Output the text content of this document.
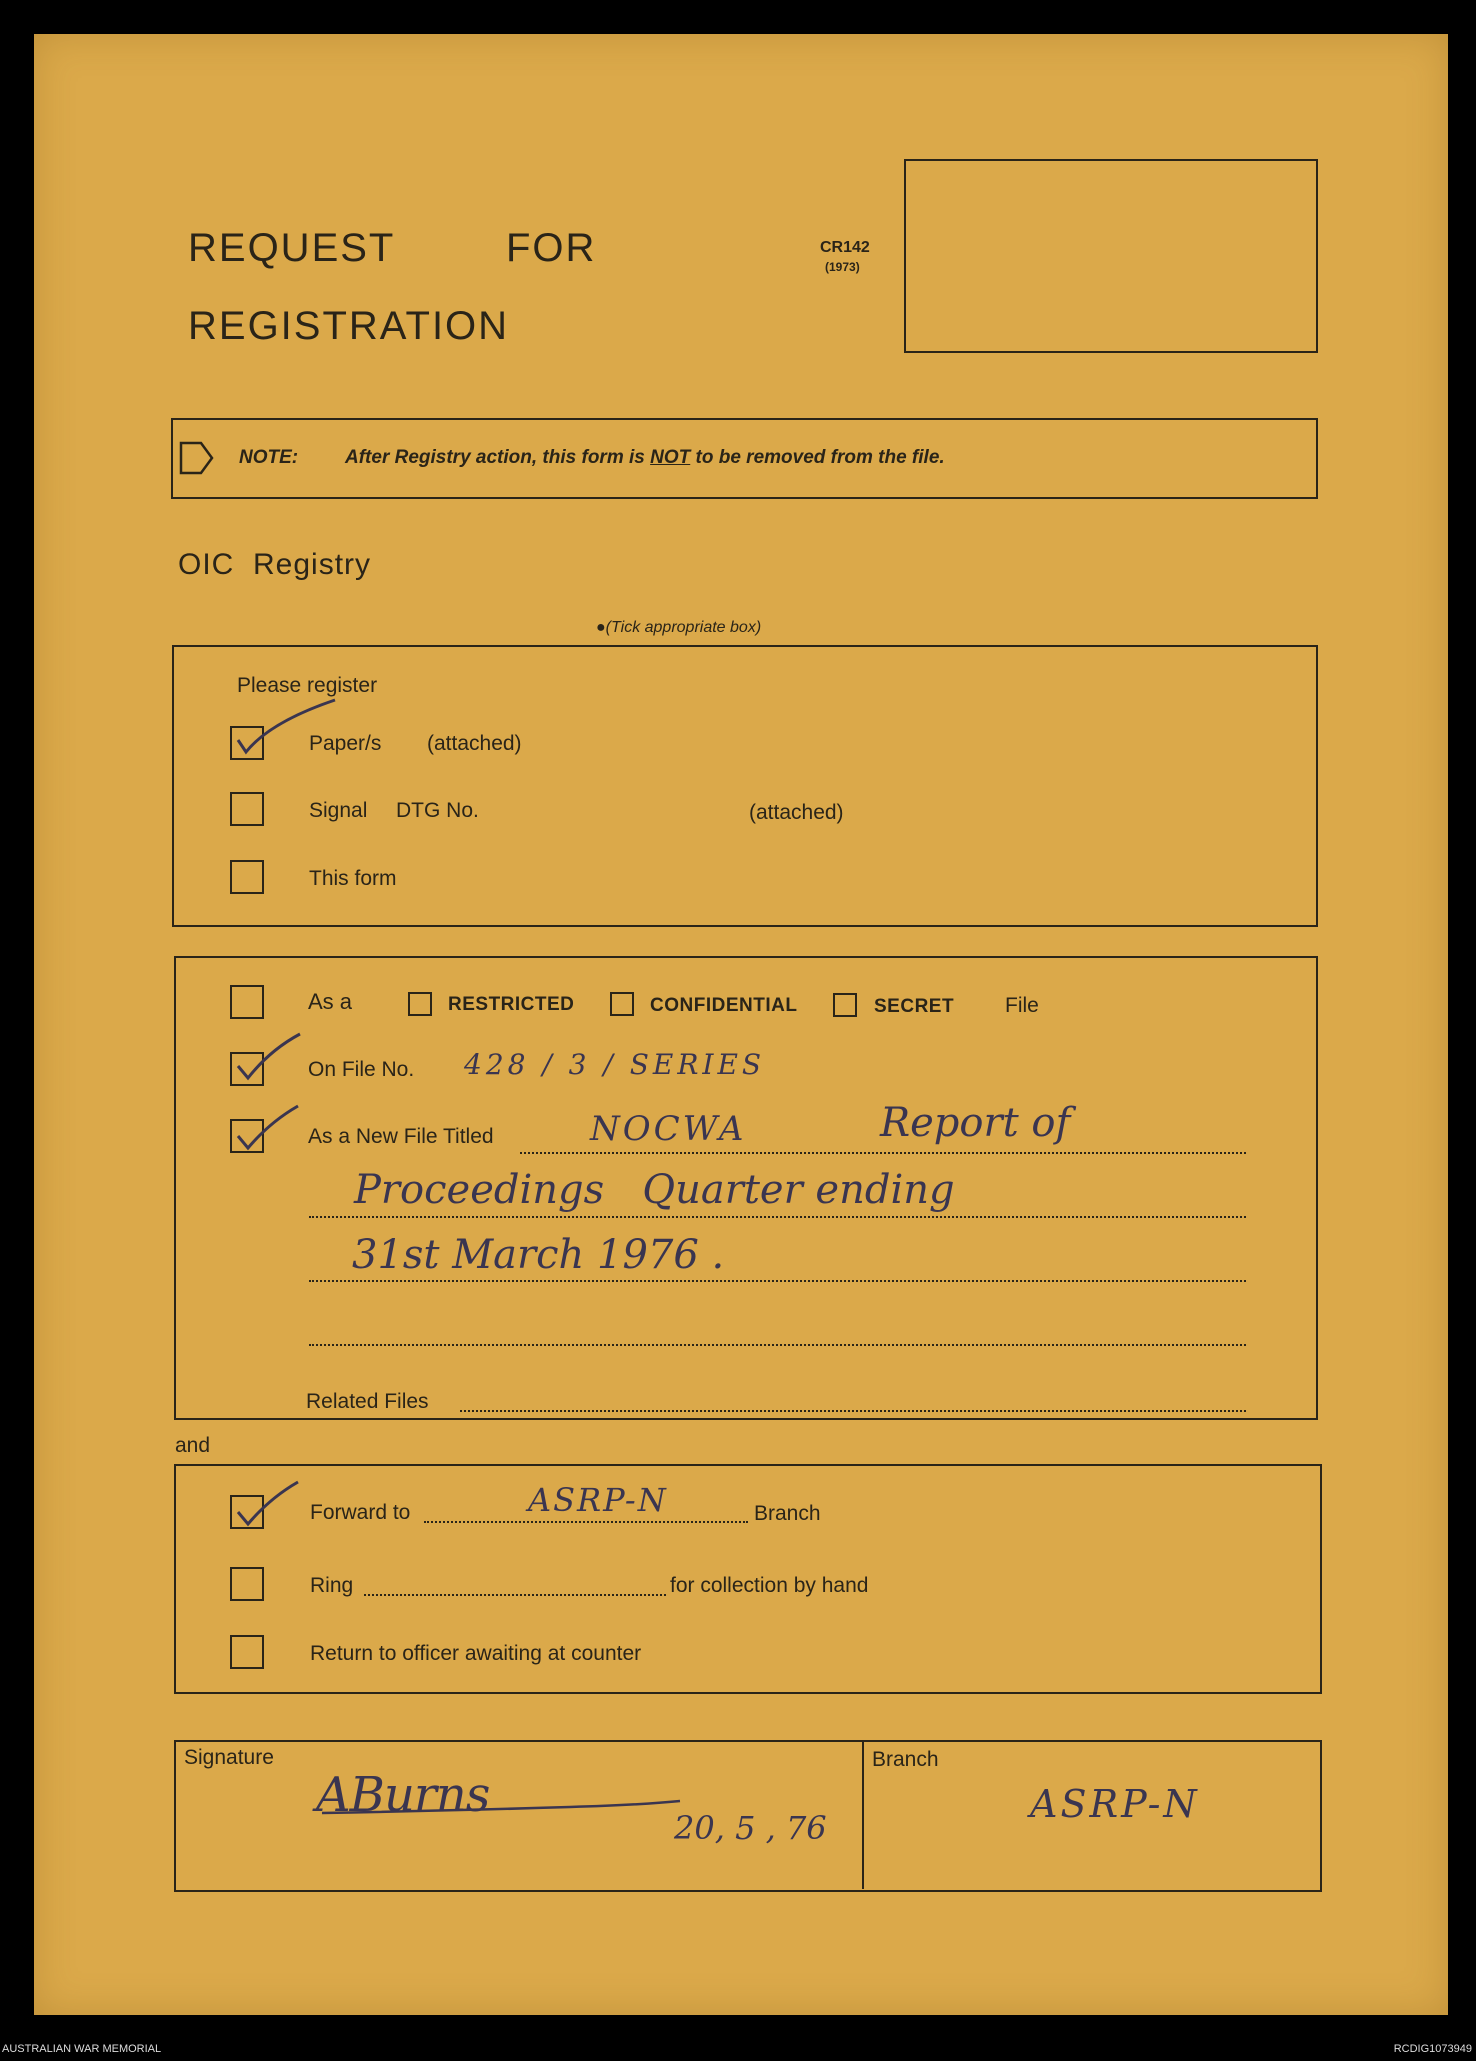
REQUEST	FOR
REGISTRATION
CR142
(1973)
NOTE: After Registry action, this form is NOT to be removed from the file.
OIC  Registry
●(Tick appropriate box)
Please register
Paper/s (attached)
Signal DTG No.	(attached)
This form
As a	RESTRICTED	CONFIDENTIAL	SECRET File
On File No. 428 / 3 / SERIES
As a New File Titled	NOCWA	Report of
Proceedings   Quarter ending
31st March 1976 .
Related Files
and
Forward to	ASRP-N	Branch
Ring	for collection by hand
Return to officer awaiting at counter
Signature
ABurns
20, 5 , 76
Branch
ASRP-N
AUSTRALIAN WAR MEMORIAL	RCDIG1073949
